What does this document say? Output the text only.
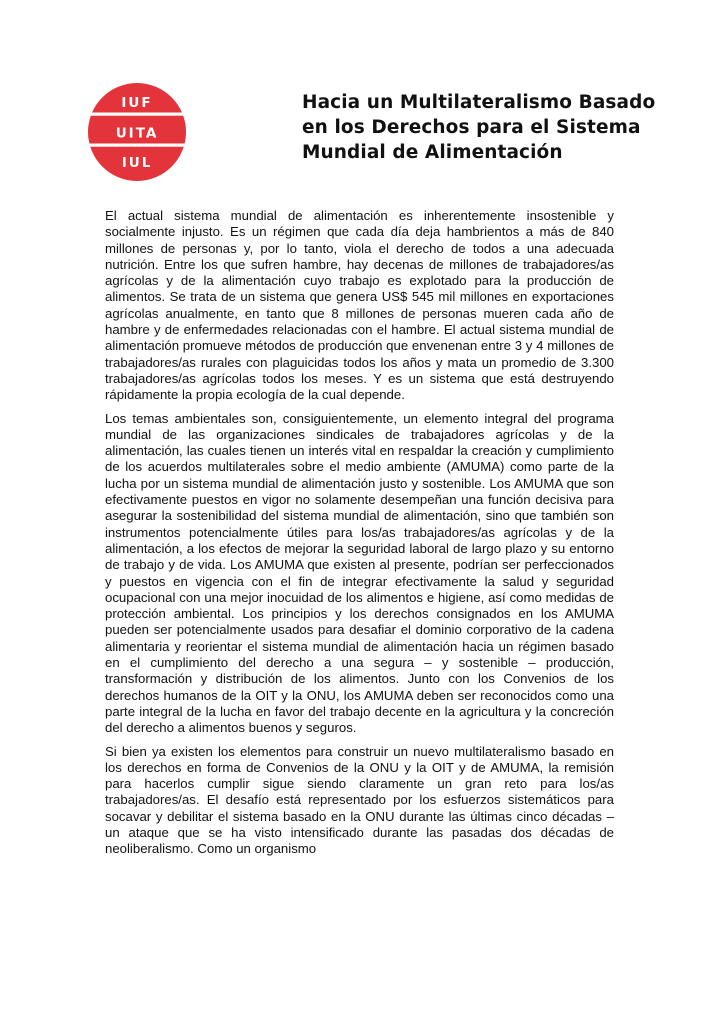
IUF
UITA
IUL
Hacia un Multilateralismo Basado
en los Derechos para el Sistema
Mundial de Alimentación

El actual sistema mundial de alimentación es inherentemente insostenible y socialmente injusto. Es un régimen que cada día deja hambrientos a más de 840 millones de personas y, por lo tanto, viola el derecho de todos a una adecuada nutrición. Entre los que sufren hambre, hay decenas de millones de trabajadores/as agrícolas y de la alimentación cuyo trabajo es explotado para la producción de alimentos. Se trata de un sistema que genera US$ 545 mil millones en exportaciones agrícolas anualmente, en tanto que 8 millones de personas mueren cada año de hambre y de enfermedades relacionadas con el hambre. El actual sistema mundial de alimentación promueve métodos de producción que envenenan entre 3 y 4 millones de trabajadores/as rurales con plaguicidas todos los años y mata un promedio de 3.300 trabajadores/as agrícolas todos los meses. Y es un sistema que está destruyendo rápidamente la propia ecología de la cual depende.

Los temas ambientales son, consiguientemente, un elemento integral del programa mundial de las organizaciones sindicales de trabajadores agrícolas y de la alimentación, las cuales tienen un interés vital en respaldar la creación y cumplimiento de los acuerdos multilaterales sobre el medio ambiente (AMUMA) como parte de la lucha por un sistema mundial de alimentación justo y sostenible. Los AMUMA que son efectivamente puestos en vigor no solamente desempeñan una función decisiva para asegurar la sostenibilidad del sistema mundial de alimentación, sino que también son instrumentos potencialmente útiles para los/as trabajadores/as agrícolas y de la alimentación, a los efectos de mejorar la seguridad laboral de largo plazo y su entorno de trabajo y de vida. Los AMUMA que existen al presente, podrían ser perfeccionados y puestos en vigencia con el fin de integrar efectivamente la salud y seguridad ocupacional con una mejor inocuidad de los alimentos e higiene, así como medidas de protección ambiental. Los principios y los derechos consignados en los AMUMA pueden ser potencialmente usados para desafiar el dominio corporativo de la cadena alimentaria y reorientar el sistema mundial de alimentación hacia un régimen basado en el cumplimiento del derecho a una segura – y sostenible – producción, transformación y distribución de los alimentos. Junto con los Convenios de los derechos humanos de la OIT y la ONU, los AMUMA deben ser reconocidos como una parte integral de la lucha en favor del trabajo decente en la agricultura y la concreción del derecho a alimentos buenos y seguros.

Si bien ya existen los elementos para construir un nuevo multilateralismo basado en los derechos en forma de Convenios de la ONU y la OIT y de AMUMA, la remisión para hacerlos cumplir sigue siendo claramente un gran reto para los/as trabajadores/as. El desafío está representado por los esfuerzos sistemáticos para socavar y debilitar el sistema basado en la ONU durante las últimas cinco décadas – un ataque que se ha visto intensificado durante las pasadas dos décadas de neoliberalismo. Como un organismo
